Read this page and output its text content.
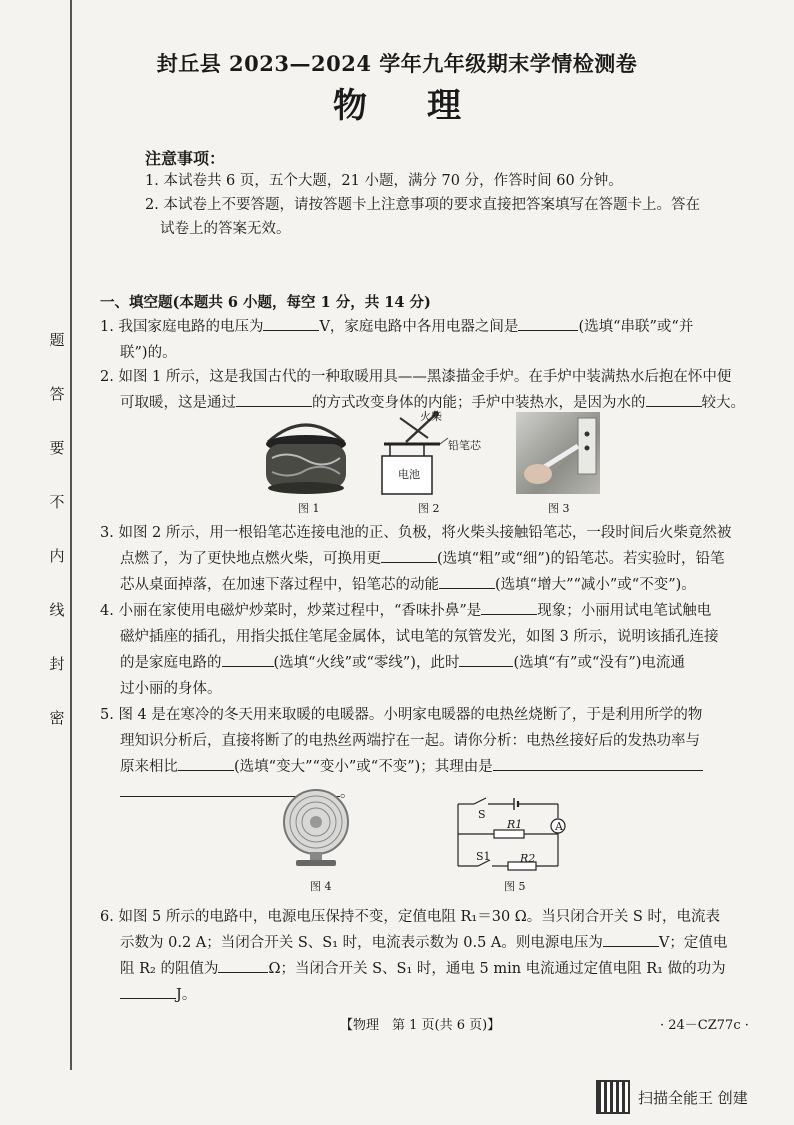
题
答
要
不
内
线
封
密
封丘县 2023—2024 学年九年级期末学情检测卷
物理
注意事项：
1. 本试卷共 6 页，五个大题，21 小题，满分 70 分，作答时间 60 分钟。
2. 本试卷上不要答题，请按答题卡上注意事项的要求直接把答案填写在答题卡上。答在
试卷上的答案无效。
一、填空题(本题共 6 小题，每空 1 分，共 14 分)
1. 我国家庭电路的电压为	V，家庭电路中各用电器之间是	(选填“串联”或“并
联”)的。
2. 如图 1 所示，这是我国古代的一种取暖用具——黑漆描金手炉。在手炉中装满热水后抱在怀中便
可取暖，这是通过	的方式改变身体的内能；手炉中装热水，是因为水的	较大。
图 1
火柴
铅笔芯
电池
图 2	图 3
3. 如图 2 所示，用一根铅笔芯连接电池的正、负极，将火柴头接触铅笔芯，一段时间后火柴竟然被
点燃了，为了更快地点燃火柴，可换用更	(选填“粗”或“细”)的铅笔芯。若实验时，铅笔
芯从桌面掉落，在加速下落过程中，铅笔芯的动能	(选填“增大”“减小”或“不变”)。
4. 小丽在家使用电磁炉炒菜时，炒菜过程中，“香味扑鼻”是	现象；小丽用试电笔试触电
磁炉插座的插孔，用指尖抵住笔尾金属体，试电笔的氖管发光，如图 3 所示，说明该插孔连接
的是家庭电路的	(选填“火线”或“零线”)，此时	(选填“有”或“没有”)电流通
过小丽的身体。
5. 图 4 是在寒冷的冬天用来取暖的电暖器。小明家电暖器的电热丝烧断了，于是利用所学的物
理知识分析后，直接将断了的电热丝两端拧在一起。请你分析：电热丝接好后的发热功率与
原来相比	(选填“变大”“变小”或“不变”)；其理由是
。
图 4
S
R1	A
S1	R2
图 5
6. 如图 5 所示的电路中，电源电压保持不变，定值电阻 R₁＝30 Ω。当只闭合开关 S 时，电流表
示数为 0.2 A；当闭合开关 S、S₁ 时，电流表示数为 0.5 A。则电源电压为	V；定值电
阻 R₂ 的阻值为	Ω；当闭合开关 S、S₁ 时，通电 5 min 电流通过定值电阻 R₁ 做的功为
J。
【物理　第 1 页(共 6 页)】	· 24－CZ77c ·
扫描全能王 创建
